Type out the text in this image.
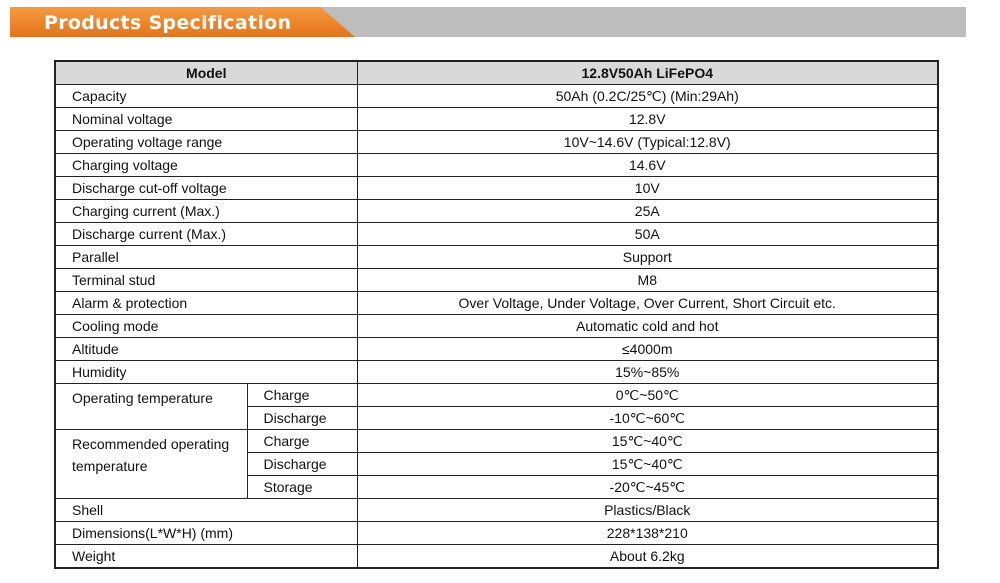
Products Specification
Model		12.8V50Ah LiFePO4
Capacity		50Ah (0.2C/25℃) (Min:29Ah)
Nominal voltage		12.8V
Operating voltage range		10V~14.6V (Typical:12.8V)
Charging voltage		14.6V
Discharge cut-off voltage		10V
Charging current (Max.)		25A
Discharge current (Max.)		50A
Parallel		Support
Terminal stud		M8
Alarm & protection		Over Voltage, Under Voltage, Over Current, Short Circuit etc.
Cooling mode		Automatic cold and hot
Altitude		≤4000m
Humidity		15%~85%
Operating temperature	Charge	0℃~50℃
	Discharge	-10℃~60℃
Recommended operating temperature	Charge	15℃~40℃
	Discharge	15℃~40℃
	Storage	-20℃~45℃
Shell		Plastics/Black
Dimensions(L*W*H) (mm)		228*138*210
Weight		About 6.2kg
